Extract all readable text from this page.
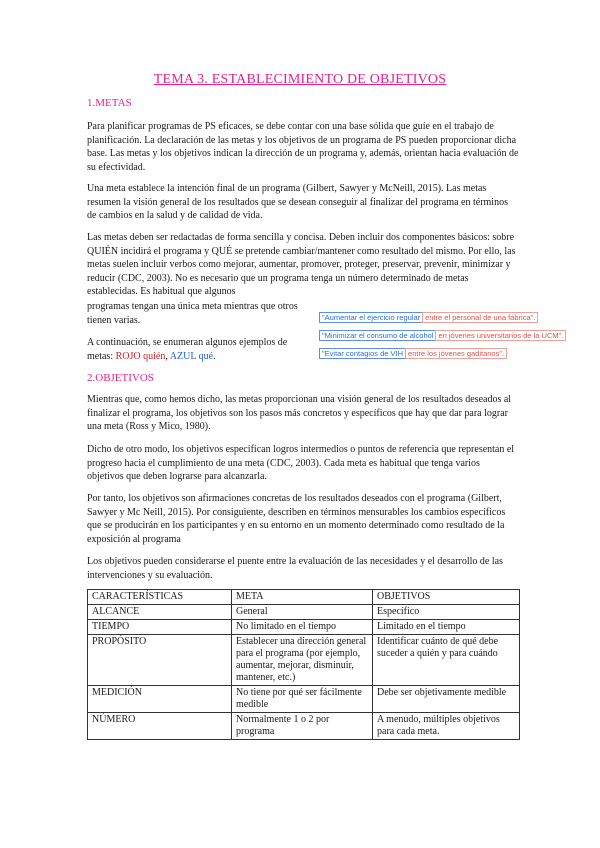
TEMA 3. ESTABLECIMIENTO DE OBJETIVOS
1.METAS

Para planificar programas de PS eficaces, se debe contar con una base sólida que guíe en el trabajo de planificación. La declaración de las metas y los objetivos de un programa de PS pueden proporcionar dicha base. Las metas y los objetivos indican la dirección de un programa y, además, orientan hacia evaluación de su efectividad.

Una meta establece la intención final de un programa (Gilbert, Sawyer y McNeill, 2015). Las metas resumen la visión general de los resultados que se desean conseguir al finalizar del programa en términos de cambios en la salud y de calidad de vida.

Las metas deben ser redactadas de forma sencilla y concisa. Deben incluir dos componentes básicos: sobre QUIÉN incidirá el programa y QUÉ se pretende cambiar/mantener como resultado del mismo. Por ello, las metas suelen incluir verbos como mejorar, aumentar, promover, proteger, preservar, prevenir, minimizar y reducir (CDC, 2003). No es necesario que un programa tenga un número determinado de metas establecidas. Es habitual que algunos

programas tengan una única meta mientras que otros tienen varias.

A continuación, se enumeran algunos ejemplos de metas: ROJO quién, AZUL qué.

"Aumentar el ejercicio regular entre el personal de una fábrica".
"Minimizar el consumo de alcohol en jóvenes universitarios de la UCM".
"Evitar contagios de VIH entre los jóvenes gaditanos".
2.OBJETIVOS

Mientras que, como hemos dicho, las metas proporcionan una visión general de los resultados deseados al finalizar el programa, los objetivos son los pasos más concretos y específicos que hay que dar para lograr una meta (Ross y Mico, 1980).

Dicho de otro modo, los objetivos especifican logros intermedios o puntos de referencia que representan el progreso hacia el cumplimiento de una meta (CDC, 2003). Cada meta es habitual que tenga varios objetivos que deben lograrse para alcanzarla.

Por tanto, los objetivos son afirmaciones concretas de los resultados deseados con el programa (Gilbert, Sawyer y Mc Neill, 2015). Por consiguiente, describen en términos mensurables los cambios específicos que se producirán en los participantes y en su entorno en un momento determinado como resultado de la exposición al programa

Los objetivos pueden considerarse el puente entre la evaluación de las necesidades y el desarrollo de las intervenciones y su evaluación.

CARACTERÍSTICAS	META	OBJETIVOS
ALCANCE	General	Específico
TIEMPO	No limitado en el tiempo	Limitado en el tiempo
PROPÓSITO	Establecer una dirección general para el programa (por ejemplo, aumentar, mejorar, disminuir, mantener, etc.)	Identificar cuánto de qué debe suceder a quién y para cuándo
MEDICIÓN	No tiene por qué ser fácilmente medible	Debe ser objetivamente medible
NÚMERO	Normalmente 1 o 2 por programa	A menudo, múltiples objetivos para cada meta.
